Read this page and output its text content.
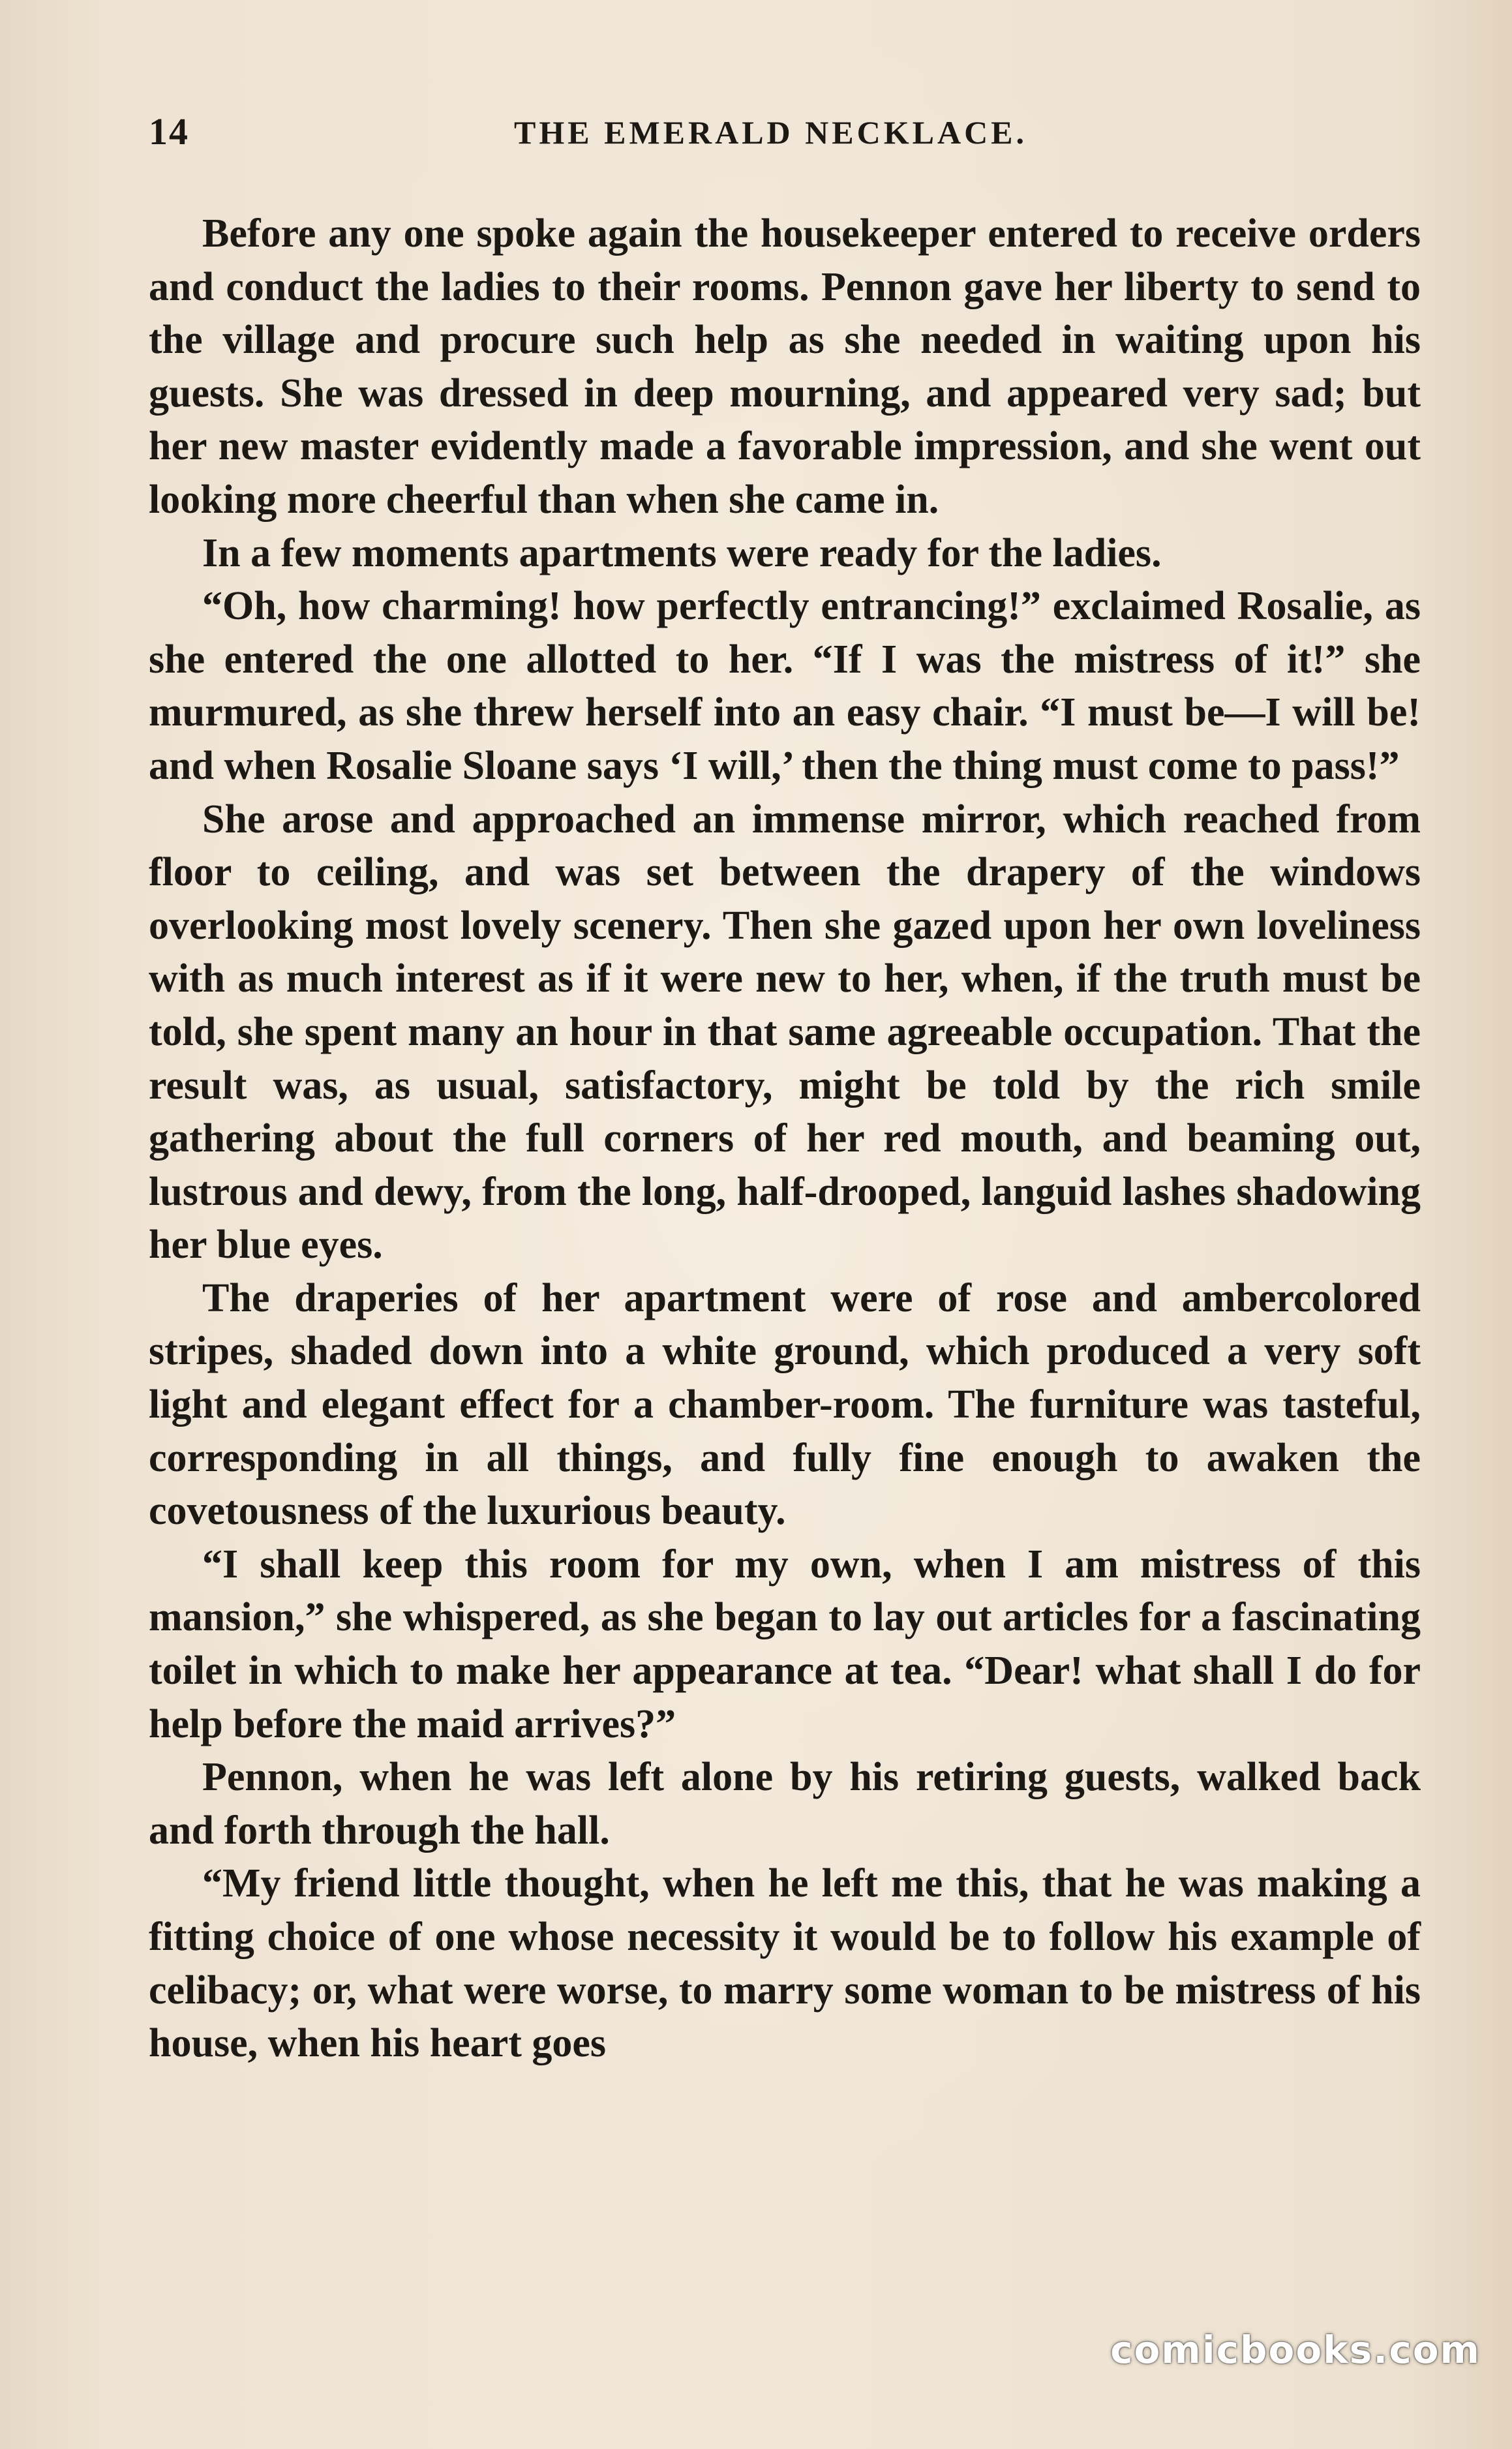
14	THE EMERALD NECKLACE.

Before any one spoke again the housekeeper entered to receive orders and conduct the ladies to their rooms. Pennon gave her liberty to send to the village and procure such help as she needed in waiting upon his guests. She was dressed in deep mourning, and appeared very sad; but her new master evidently made a favorable impression, and she went out looking more cheerful than when she came in.

In a few moments apartments were ready for the ladies.

“Oh, how charming! how perfectly entrancing!” exclaimed Rosalie, as she entered the one allotted to her. “If I was the mistress of it!” she murmured, as she threw herself into an easy chair. “I must be—I will be! and when Rosalie Sloane says ‘I will,’ then the thing must come to pass!”

She arose and approached an immense mirror, which reached from floor to ceiling, and was set between the drapery of the windows overlooking most lovely scenery. Then she gazed upon her own loveliness with as much interest as if it were new to her, when, if the truth must be told, she spent many an hour in that same agreeable occupation. That the result was, as usual, satisfactory, might be told by the rich smile gathering about the full corners of her red mouth, and beaming out, lustrous and dewy, from the long, half-drooped, languid lashes shadowing her blue eyes.

The draperies of her apartment were of rose and ambercolored stripes, shaded down into a white ground, which produced a very soft light and elegant effect for a chamber-room. The furniture was tasteful, corresponding in all things, and fully fine enough to awaken the covetousness of the luxurious beauty.

“I shall keep this room for my own, when I am mistress of this mansion,” she whispered, as she began to lay out articles for a fascinating toilet in which to make her appearance at tea. “Dear! what shall I do for help before the maid arrives?”

Pennon, when he was left alone by his retiring guests, walked back and forth through the hall.

“My friend little thought, when he left me this, that he was making a fitting choice of one whose necessity it would be to follow his example of celibacy; or, what were worse, to marry some woman to be mistress of his house, when his heart goes

comicbooks.com
